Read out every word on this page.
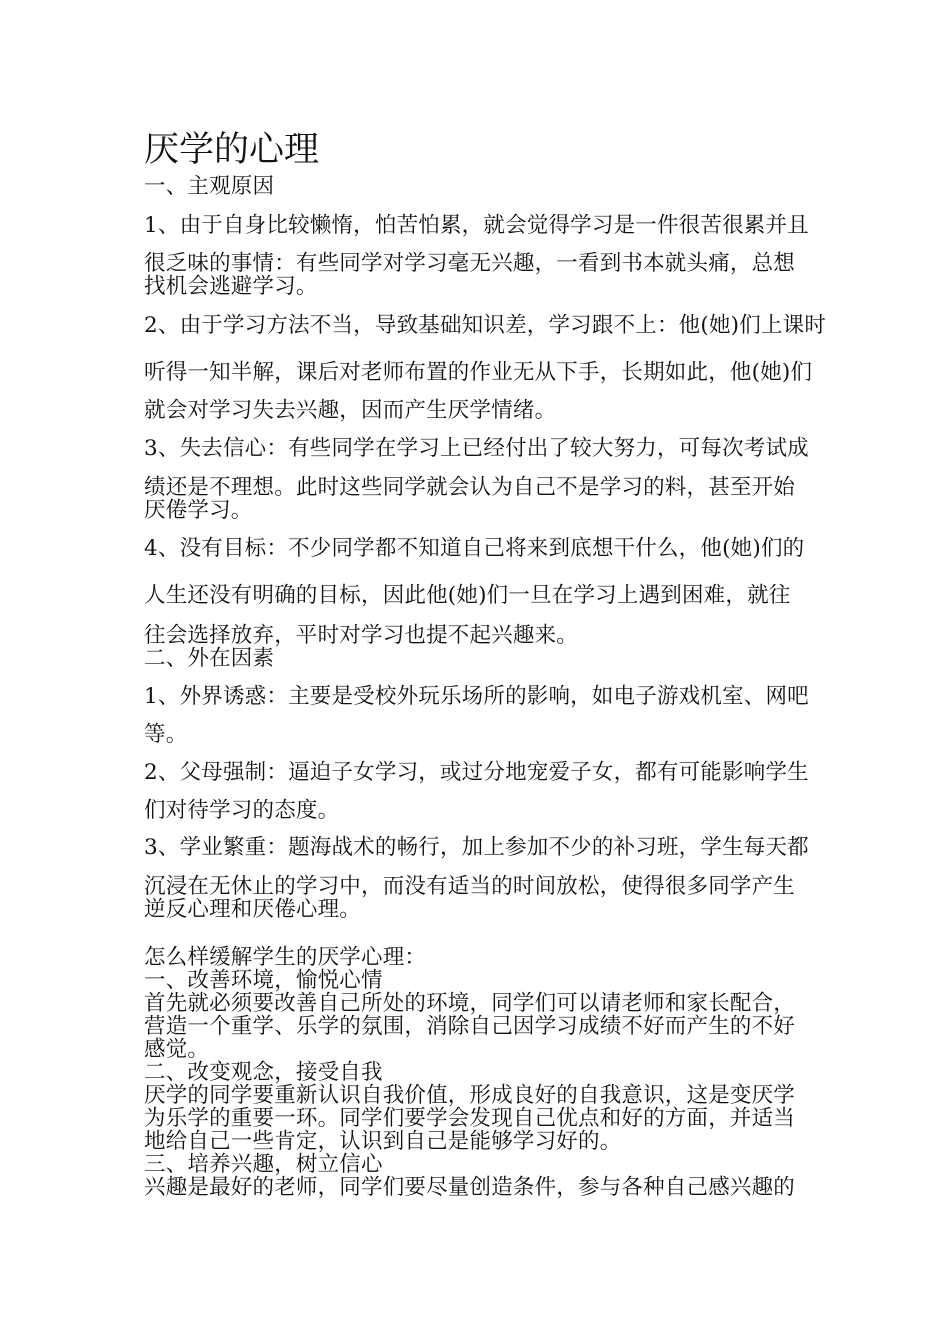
厌学的心理
一、主观原因
1、由于自身比较懒惰，怕苦怕累，就会觉得学习是一件很苦很累并且
很乏味的事情：有些同学对学习毫无兴趣，一看到书本就头痛，总想
找机会逃避学习。
2、由于学习方法不当，导致基础知识差，学习跟不上：他(她)们上课时
听得一知半解，课后对老师布置的作业无从下手，长期如此，他(她)们
就会对学习失去兴趣，因而产生厌学情绪。
3、失去信心：有些同学在学习上已经付出了较大努力，可每次考试成
绩还是不理想。此时这些同学就会认为自己不是学习的料，甚至开始
厌倦学习。
4、没有目标：不少同学都不知道自己将来到底想干什么，他(她)们的
人生还没有明确的目标，因此他(她)们一旦在学习上遇到困难，就往
往会选择放弃，平时对学习也提不起兴趣来。
二、外在因素
1、外界诱惑：主要是受校外玩乐场所的影响，如电子游戏机室、网吧
等。
2、父母强制：逼迫子女学习，或过分地宠爱子女，都有可能影响学生
们对待学习的态度。
3、学业繁重：题海战术的畅行，加上参加不少的补习班，学生每天都
沉浸在无休止的学习中，而没有适当的时间放松，使得很多同学产生
逆反心理和厌倦心理。
怎么样缓解学生的厌学心理：
一、改善环境，愉悦心情
首先就必须要改善自己所处的环境，同学们可以请老师和家长配合，
营造一个重学、乐学的氛围，消除自己因学习成绩不好而产生的不好
感觉。
二、改变观念，接受自我
厌学的同学要重新认识自我价值，形成良好的自我意识，这是变厌学
为乐学的重要一环。同学们要学会发现自己优点和好的方面，并适当
地给自己一些肯定，认识到自己是能够学习好的。
三、培养兴趣，树立信心
兴趣是最好的老师，同学们要尽量创造条件，参与各种自己感兴趣的
